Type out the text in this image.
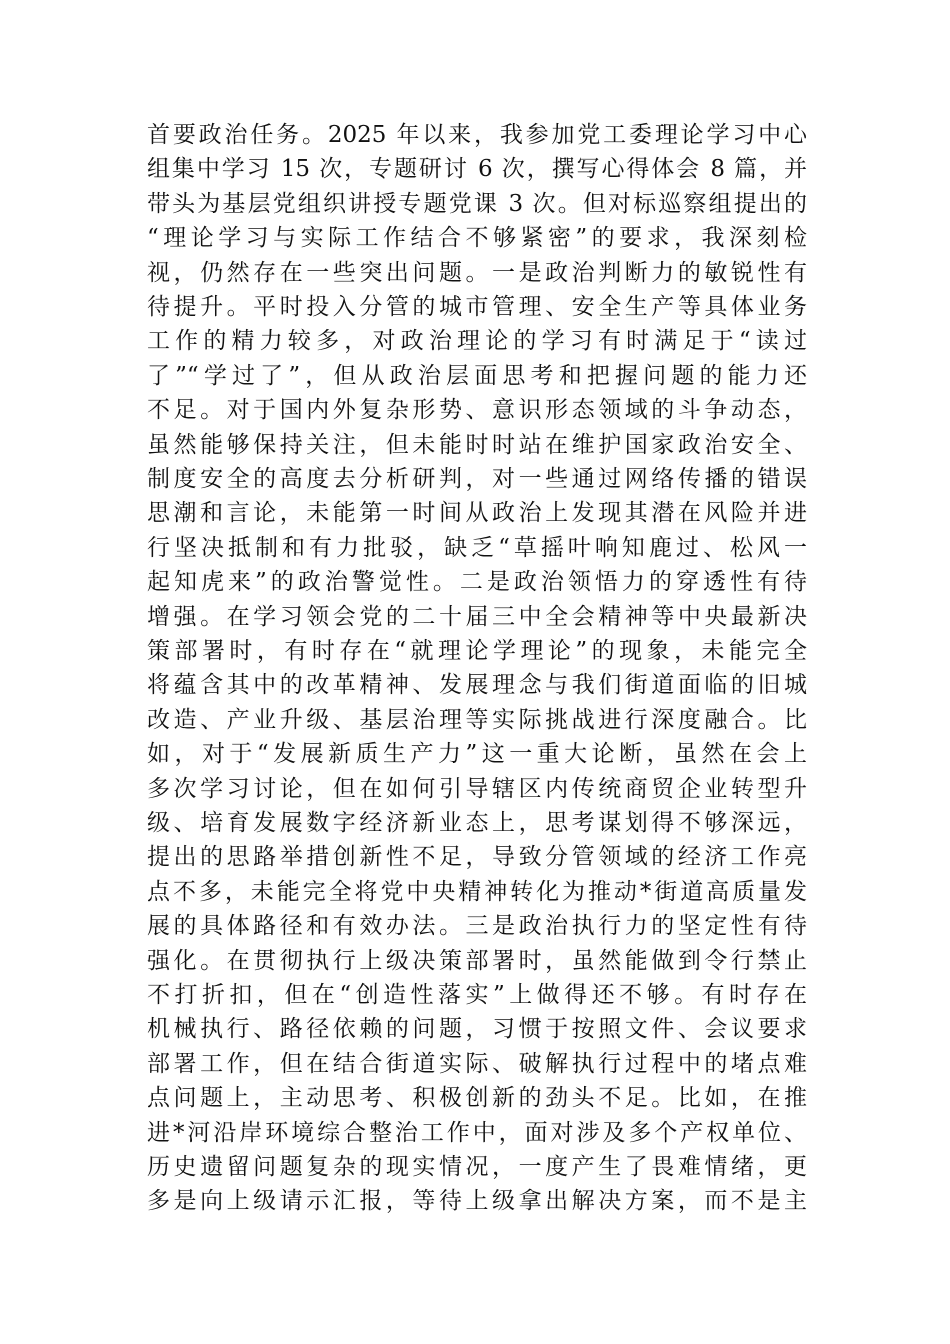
首要政治任务。2025 年以来，我参加党工委理论学习中心
组集中学习 15 次，专题研讨 6 次，撰写心得体会 8 篇，并
带头为基层党组织讲授专题党课 3 次。但对标巡察组提出的
“理论学习与实际工作结合不够紧密”的要求，我深刻检
视，仍然存在一些突出问题。一是政治判断力的敏锐性有
待提升。平时投入分管的城市管理、安全生产等具体业务
工作的精力较多，对政治理论的学习有时满足于“读过
了”“学过了”，但从政治层面思考和把握问题的能力还
不足。对于国内外复杂形势、意识形态领域的斗争动态，
虽然能够保持关注，但未能时时站在维护国家政治安全、
制度安全的高度去分析研判，对一些通过网络传播的错误
思潮和言论，未能第一时间从政治上发现其潜在风险并进
行坚决抵制和有力批驳，缺乏“草摇叶响知鹿过、松风一
起知虎来”的政治警觉性。二是政治领悟力的穿透性有待
增强。在学习领会党的二十届三中全会精神等中央最新决
策部署时，有时存在“就理论学理论”的现象，未能完全
将蕴含其中的改革精神、发展理念与我们街道面临的旧城
改造、产业升级、基层治理等实际挑战进行深度融合。比
如，对于“发展新质生产力”这一重大论断，虽然在会上
多次学习讨论，但在如何引导辖区内传统商贸企业转型升
级、培育发展数字经济新业态上，思考谋划得不够深远，
提出的思路举措创新性不足，导致分管领域的经济工作亮
点不多，未能完全将党中央精神转化为推动*街道高质量发
展的具体路径和有效办法。三是政治执行力的坚定性有待
强化。在贯彻执行上级决策部署时，虽然能做到令行禁止
不打折扣，但在“创造性落实”上做得还不够。有时存在
机械执行、路径依赖的问题，习惯于按照文件、会议要求
部署工作，但在结合街道实际、破解执行过程中的堵点难
点问题上，主动思考、积极创新的劲头不足。比如，在推
进*河沿岸环境综合整治工作中，面对涉及多个产权单位、
历史遗留问题复杂的现实情况，一度产生了畏难情绪，更
多是向上级请示汇报，等待上级拿出解决方案，而不是主
